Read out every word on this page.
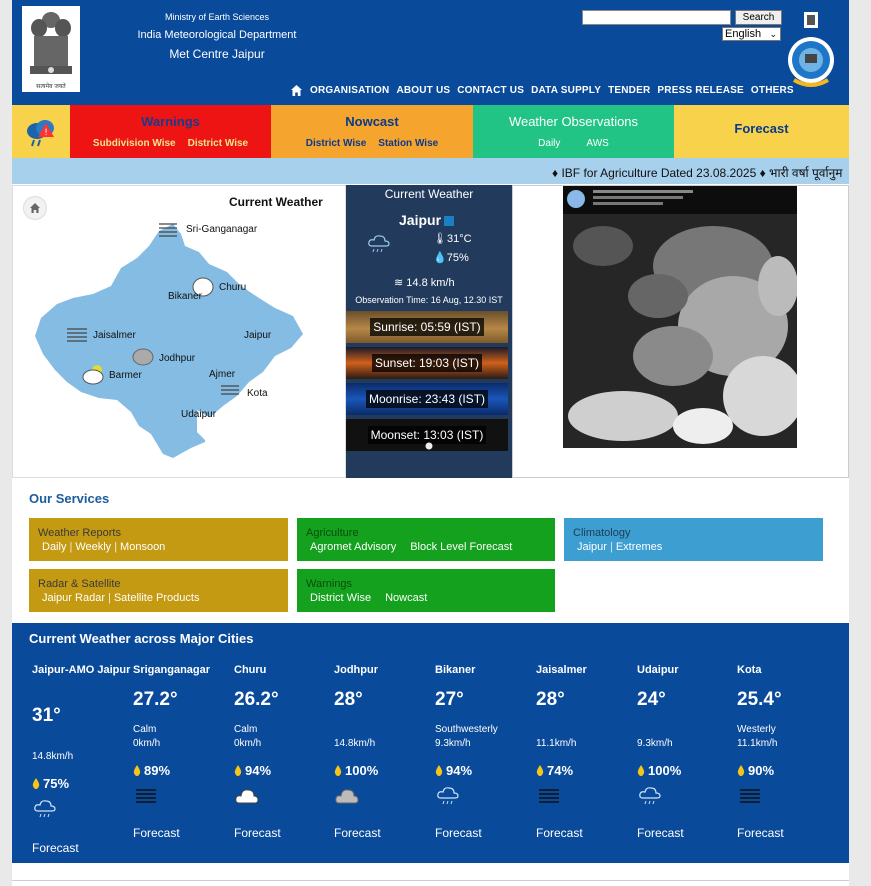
सत्यमेव जयते
Ministry of Earth Sciences
India Meteorological Department
Met Centre Jaipur
Search
English ⌄
ORGANISATION ABOUT US CONTACT US DATA SUPPLY TENDER PRESS RELEASE OTHERS
!
Warnings
Subdivision Wise District Wise
Nowcast
District Wise Station Wise
Weather Observations
Daily	AWS
Forecast
♦ IBF for Agriculture Dated 23.08.2025 ♦ भारी वर्षा पूर्वानुम
Current Weather
Sri-Ganganagar
Churu
Bikaner
Jaisalmer	Jaipur
Jodhpur
Barmer	Ajmer
Kota
Udaipur
Current Weather
Jaipur
🌡31°C
💧75%
≋ 14.8 km/h
Observation Time: 16 Aug, 12.30 IST
Sunrise: 05:59 (IST)
Sunset: 19:03 (IST)
Moonrise: 23:43 (IST)
Moonset: 13:03 (IST)
Our Services
Weather Reports
Daily | Weekly | Monsoon
Agriculture
Agromet Advisory Block Level Forecast
Climatology
Jaipur | Extremes
Radar & Satellite
Jaipur Radar | Satellite Products
Warnings
District Wise Nowcast
Current Weather across Major Cities
Jaipur-AMO Jaipur
31°
14.8km/h
75%
Forecast
Sriganganagar
27.2°
Calm
0km/h
89%
Forecast
Churu
26.2°
Calm
0km/h
94%
Forecast
Jodhpur
28°
14.8km/h
100%
Forecast
Bikaner
27°
Southwesterly
9.3km/h
94%
Forecast
Jaisalmer
28°
11.1km/h
74%
Forecast
Udaipur
24°
9.3km/h
100%
Forecast
Kota
25.4°
Westerly
11.1km/h
90%
Forecast
